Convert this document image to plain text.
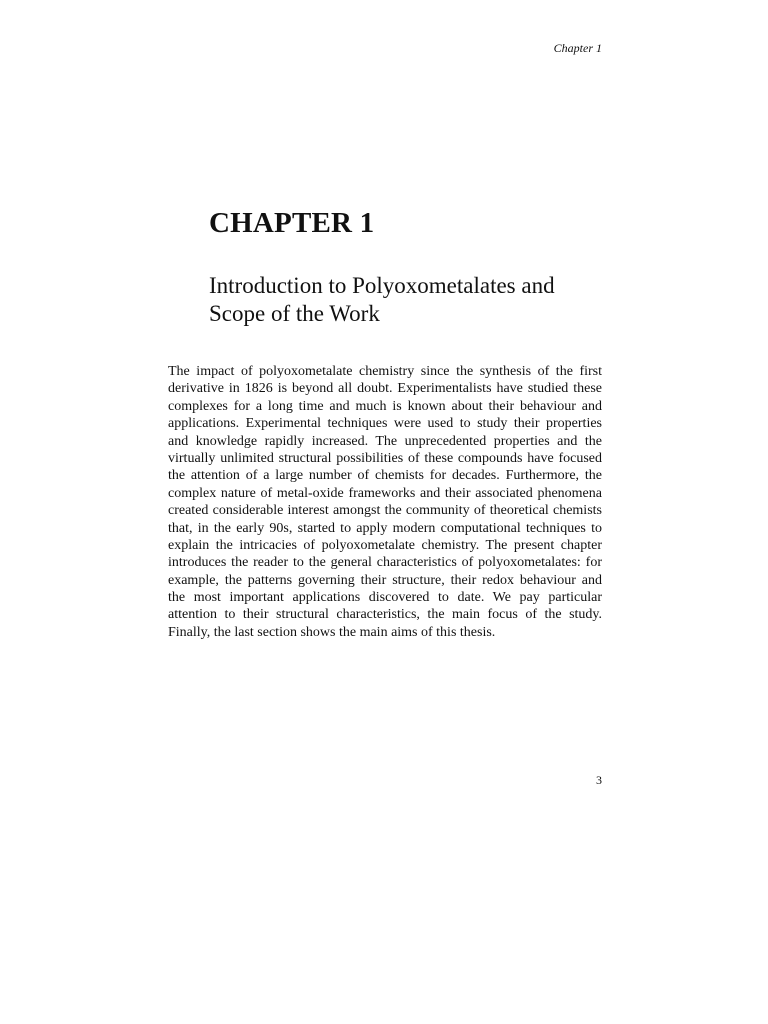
Chapter 1
CHAPTER 1
Introduction to Polyoxometalates and
Scope of the Work

The impact of polyoxometalate chemistry since the synthesis of the first
derivative in 1826 is beyond all doubt. Experimentalists have studied these
complexes for a long time and much is known about their behaviour and
applications. Experimental techniques were used to study their properties
and knowledge rapidly increased. The unprecedented properties and the
virtually unlimited structural possibilities of these compounds have focused
the attention of a large number of chemists for decades. Furthermore, the
complex nature of metal-oxide frameworks and their associated phenomena
created considerable interest amongst the community of theoretical chemists
that, in the early 90s, started to apply modern computational techniques to
explain the intricacies of polyoxometalate chemistry. The present chapter
introduces the reader to the general characteristics of polyoxometalates: for
example, the patterns governing their structure, their redox behaviour and
the most important applications discovered to date. We pay particular
attention to their structural characteristics, the main focus of the study.
Finally, the last section shows the main aims of this thesis.

3
